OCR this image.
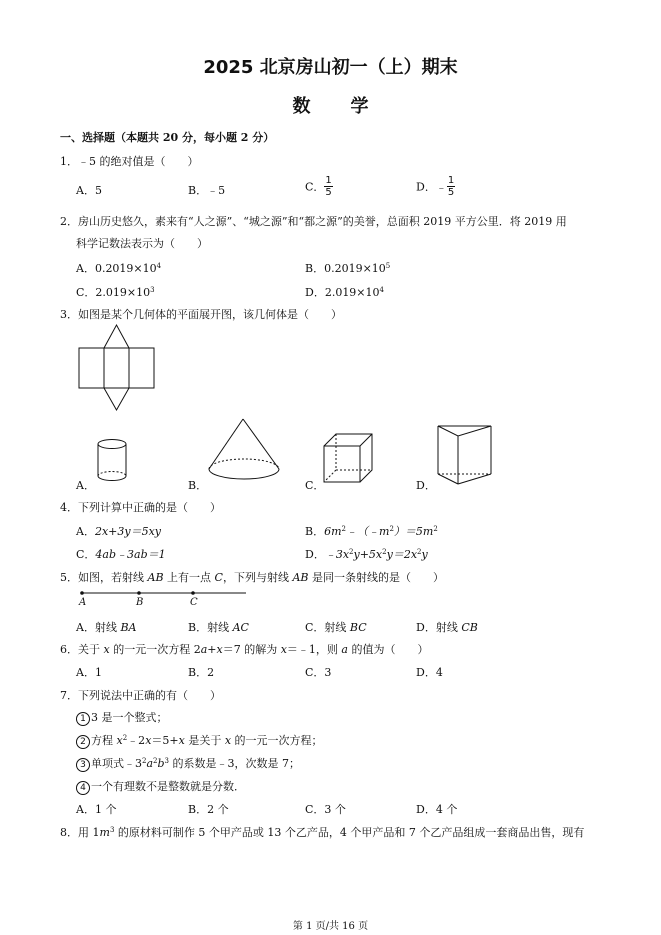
2025 北京房山初一（上）期末
数学
一、选择题（本题共 20 分，每小题 2 分）
1．﹣5 的绝对值是（　　）
A．5	B．﹣5	C． $\frac{1}{5}$	D．﹣ $\frac{1}{5}$
2．房山历史悠久，素来有“人之源”、“城之源”和“都之源”的美誉，总面积 2019 平方公里．将 2019 用
科学记数法表示为（　　）
A．$0.2019\times 10^4$	B．$0.2019\times 10^5$
C．$2.019\times 10^3$	D．$2.019\times 10^4$
3．如图是某个几何体的平面展开图，该几何体是（　　）
A．	B．	C．	D．
4．下列计算中正确的是（　　）
A．2x+3y＝5xy	B．$6m^2﹣(﹣m^2)=5m^2$
C．4ab﹣3ab＝1	D．$﹣3x^2y+5x^2y=2x^2y$
5．如图，若射线 AB 上有一点 C，下列与射线 AB 是同一条射线的是（　　）
A	B	C
A．射线 BA	B．射线 AC	C．射线 BC	D．射线 CB
6．关于 x 的一元一次方程 2a+x＝7 的解为 x＝﹣1，则 a 的值为（　　）
A．1	B．2	C．3	D．4
7．下列说法中正确的有（　　）
1 3 是一个整式；
2 方程 $x^2﹣2x=5+x$ 是关于 x 的一元一次方程；
3 单项式$﹣3^2a^2b^3$ 的系数是﹣3，次数是 7；
4 一个有理数不是整数就是分数．
A．1 个	B．2 个	C．3 个	D．4 个
8．用 $1m^3$ 的原材料可制作 5 个甲产品或 13 个乙产品，4 个甲产品和 7 个乙产品组成一套商品出售，现有
第 1 页/共 16 页
